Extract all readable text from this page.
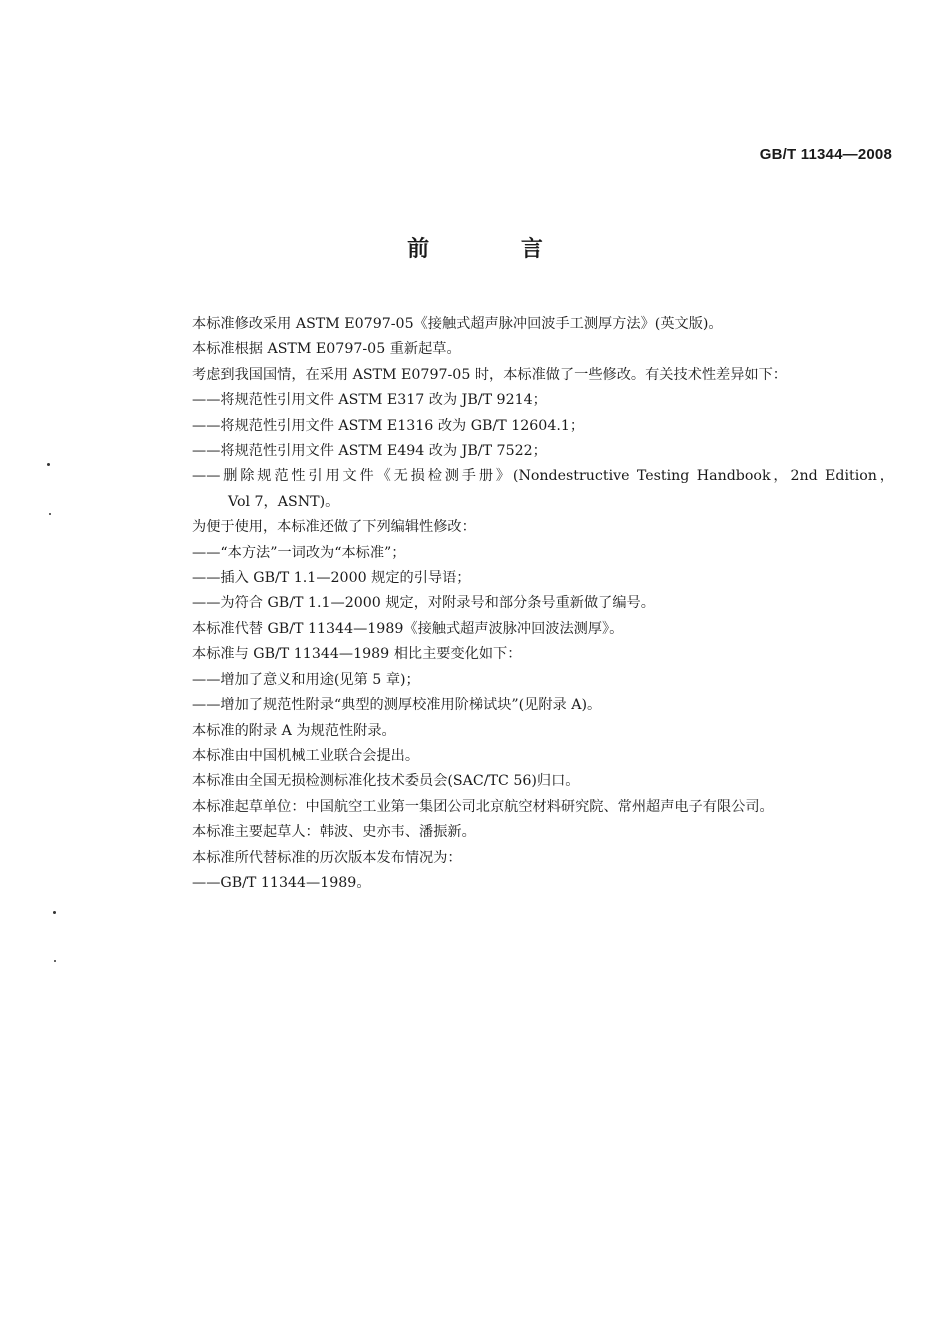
GB/T 11344—2008
前 言
本标准修改采用 ASTM E0797-05《接触式超声脉冲回波手工测厚方法》(英文版)。
本标准根据 ASTM E0797-05 重新起草。
考虑到我国国情，在采用 ASTM E0797-05 时，本标准做了一些修改。有关技术性差异如下：
——将规范性引用文件 ASTM E317 改为 JB/T 9214；
——将规范性引用文件 ASTM E1316 改为 GB/T 12604.1；
——将规范性引用文件 ASTM E494 改为 JB/T 7522；
——删除规范性引用文件《无损检测手册》(Nondestructive Testing Handbook，2nd Edition，
Vol 7，ASNT)。
为便于使用，本标准还做了下列编辑性修改：
——“本方法”一词改为“本标准”；
——插入 GB/T 1.1—2000 规定的引导语；
——为符合 GB/T 1.1—2000 规定，对附录号和部分条号重新做了编号。
本标准代替 GB/T 11344—1989《接触式超声波脉冲回波法测厚》。
本标准与 GB/T 11344—1989 相比主要变化如下：
——增加了意义和用途(见第 5 章)；
——增加了规范性附录“典型的测厚校准用阶梯试块”(见附录 A)。
本标准的附录 A 为规范性附录。
本标准由中国机械工业联合会提出。
本标准由全国无损检测标准化技术委员会(SAC/TC 56)归口。
本标准起草单位：中国航空工业第一集团公司北京航空材料研究院、常州超声电子有限公司。
本标准主要起草人：韩波、史亦韦、潘振新。
本标准所代替标准的历次版本发布情况为：
——GB/T 11344—1989。
